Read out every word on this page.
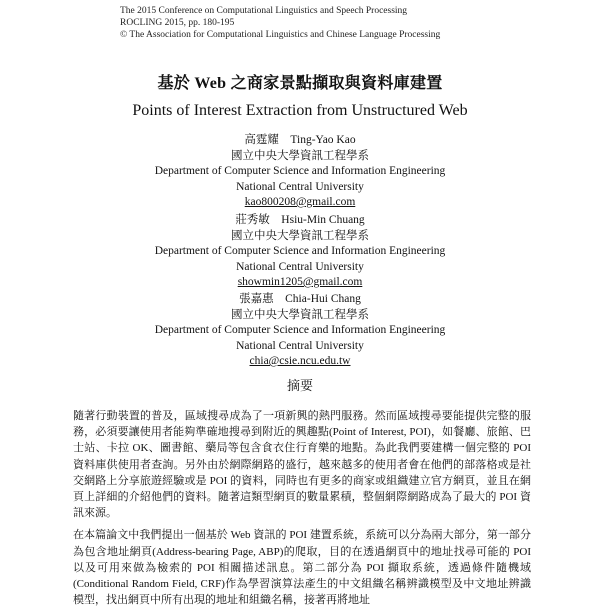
The 2015 Conference on Computational Linguistics and Speech Processing
ROCLING 2015, pp. 180-195
© The Association for Computational Linguistics and Chinese Language Processing
基於 Web 之商家景點擷取與資料庫建置
Points of Interest Extraction from Unstructured Web
高霆耀　Ting-Yao Kao
國立中央大學資訊工程學系
Department of Computer Science and Information Engineering
National Central University
kao800208@gmail.com
莊秀敏　Hsiu-Min Chuang
國立中央大學資訊工程學系
Department of Computer Science and Information Engineering
National Central University
showmin1205@gmail.com
張嘉惠　Chia-Hui Chang
國立中央大學資訊工程學系
Department of Computer Science and Information Engineering
National Central University
chia@csie.ncu.edu.tw
摘要

隨著行動裝置的普及，區域搜尋成為了一項新興的熱門服務。然而區域搜尋要能提供完整的服務，必須要讓使用者能夠準確地搜尋到附近的興趣點(Point of Interest, POI)，如餐廳、旅館、巴士站、卡拉 OK、圖書館、藥局等包含食衣住行育樂的地點。為此我們要建構一個完整的 POI 資料庫供使用者查詢。另外由於網際網路的盛行，越來越多的使用者會在他們的部落格或是社交網路上分享旅遊經驗或是 POI 的資料，同時也有更多的商家或組織建立官方網頁，並且在網頁上詳細的介紹他們的資料。隨著這類型網頁的數量累積，整個網際網路成為了最大的 POI 資訊來源。

在本篇論文中我們提出一個基於 Web 資訊的 POI 建置系統，系統可以分為兩大部分，第一部分為包含地址網頁(Address-bearing Page, ABP)的爬取，目的在透過網頁中的地址找尋可能的 POI 以及可用來做為檢索的 POI 相關描述訊息。第二部分為 POI 擷取系統，透過條件隨機域(Conditional Random Field, CRF)作為學習演算法產生的中文組織名稱辨識模型及中文地址辨識模型，找出網頁中所有出現的地址和組織名稱，接著再將地址
